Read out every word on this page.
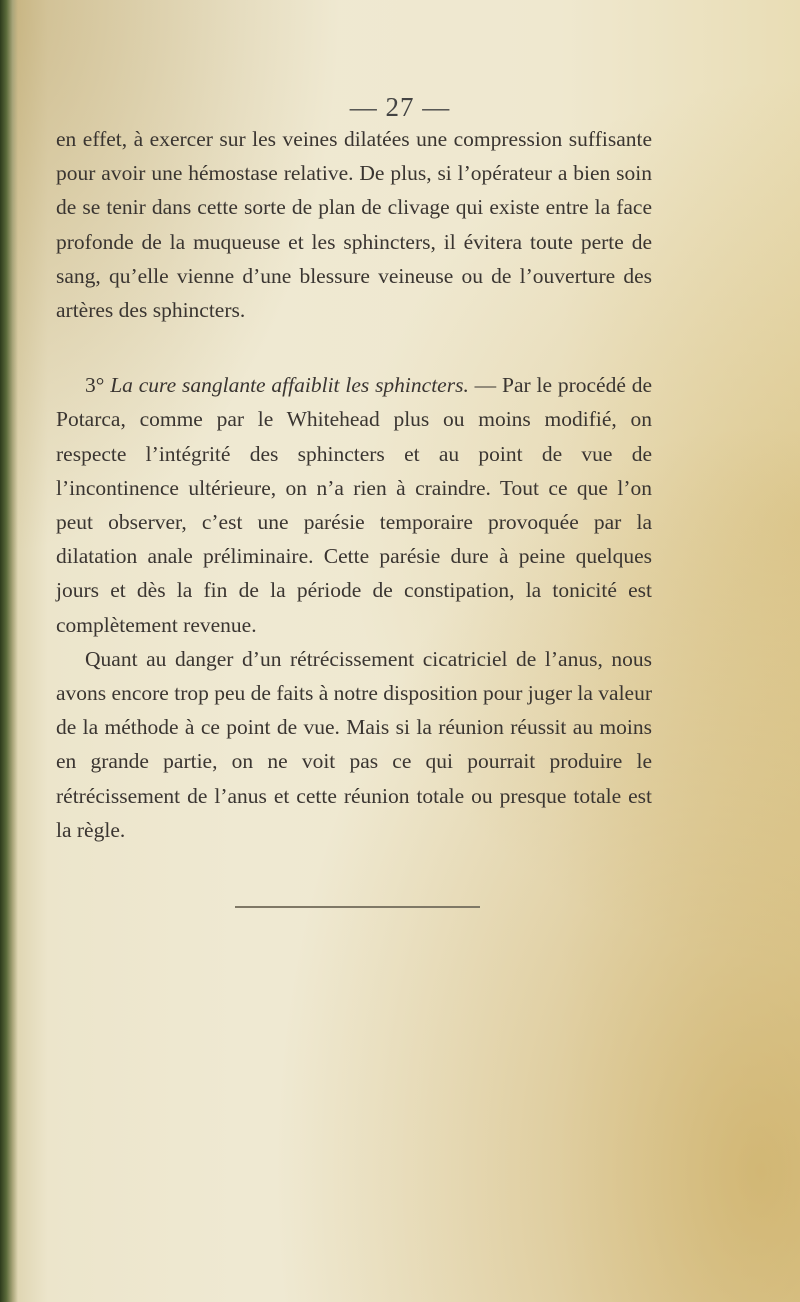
— 27 —

en effet, à exercer sur les veines dilatées une compression suffisante pour avoir une hémostase relative. De plus, si l’opérateur a bien soin de se tenir dans cette sorte de plan de clivage qui existe entre la face profonde de la muqueuse et les sphincters, il évitera toute perte de sang, qu’elle vienne d’une blessure veineuse ou de l’ouverture des artères des sphincters.

3° La cure sanglante affaiblit les sphincters. — Par le procédé de Potarca, comme par le Whitehead plus ou moins modifié, on respecte l’intégrité des sphincters et au point de vue de l’incontinence ultérieure, on n’a rien à craindre. Tout ce que l’on peut observer, c’est une parésie temporaire provoquée par la dilatation anale préliminaire. Cette parésie dure à peine quelques jours et dès la fin de la période de constipation, la tonicité est complètement revenue.

Quant au danger d’un rétrécissement cicatriciel de l’anus, nous avons encore trop peu de faits à notre disposition pour juger la valeur de la méthode à ce point de vue. Mais si la réunion réussit au moins en grande partie, on ne voit pas ce qui pourrait produire le rétrécissement de l’anus et cette réunion totale ou presque totale est la règle.
